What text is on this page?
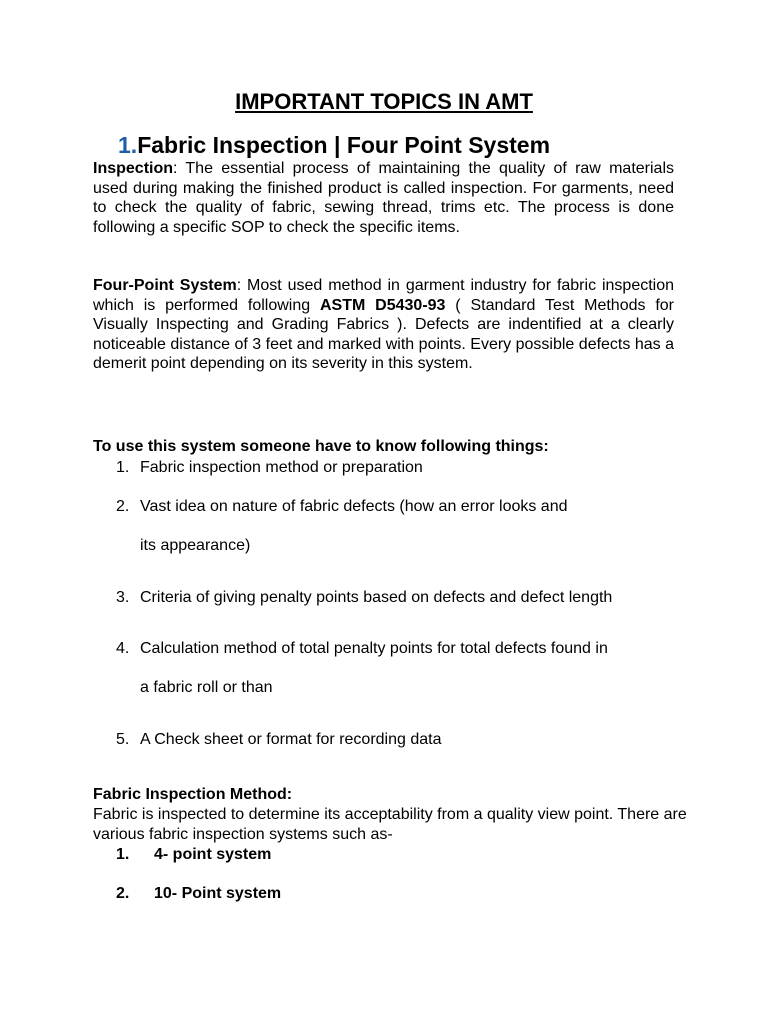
IMPORTANT TOPICS IN AMT
1.Fabric Inspection | Four Point System

Inspection: The essential process of maintaining the quality of raw materials used during making the finished product is called inspection. For garments, need to check the quality of fabric, sewing thread, trims etc. The process is done following a specific SOP to check the specific items.

Four-Point System: Most used method in garment industry for fabric inspection which is performed following ASTM D5430-93 ( Standard Test Methods for Visually Inspecting and Grading Fabrics ). Defects are indentified at a clearly noticeable distance of 3 feet and marked with points. Every possible defects has a demerit point depending on its severity in this system.

To use this system someone have to know following things:

1. Fabric inspection method or preparation
2. Vast idea on nature of fabric defects (how an error looks and
its appearance)
3. Criteria of giving penalty points based on defects and defect length
4. Calculation method of total penalty points for total defects found in
a fabric roll or than
5. A Check sheet or format for recording data

Fabric Inspection Method:

Fabric is inspected to determine its acceptability from a quality view point. There are various fabric inspection systems such as-

1. 4- point system
2. 10- Point system
